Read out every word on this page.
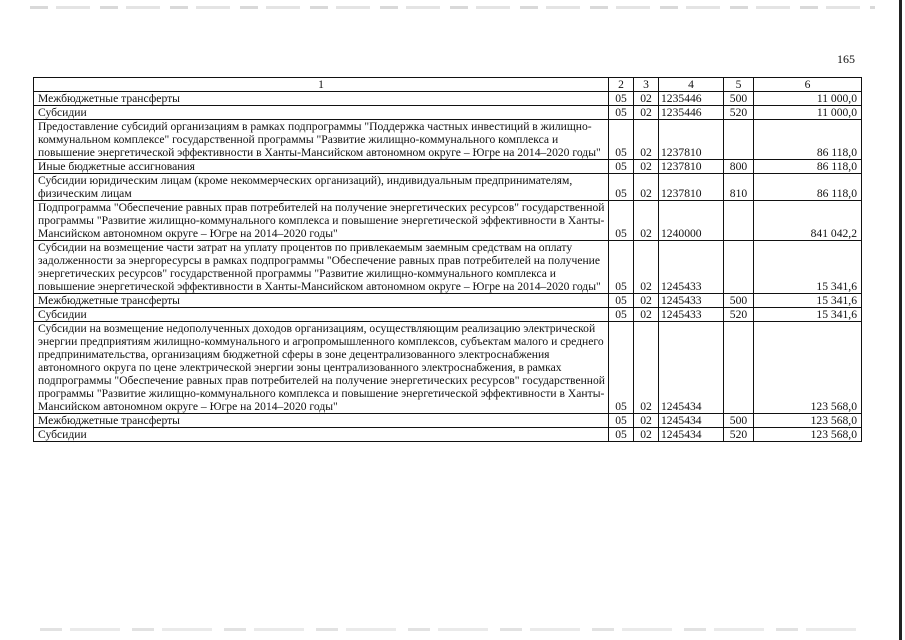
165
1	2	3	4	5	6
Межбюджетные трансферты	05	02	1235446	500	11 000,0
Субсидии	05	02	1235446	520	11 000,0
Предоставление субсидий организациям в рамках подпрограммы "Поддержка частных инвестиций в жилищно-коммунальном комплексе" государственной программы "Развитие жилищно-коммунального комплекса и повышение энергетической эффективности в Ханты-Мансийском автономном округе – Югре на 2014–2020 годы"	05	02	1237810		86 118,0
Иные бюджетные ассигнования	05	02	1237810	800	86 118,0
Субсидии юридическим лицам (кроме некоммерческих организаций), индивидуальным предпринимателям, физическим лицам	05	02	1237810	810	86 118,0
Подпрограмма "Обеспечение равных прав потребителей на получение энергетических ресурсов" государственной программы "Развитие жилищно-коммунального комплекса и повышение энергетической эффективности в Ханты-Мансийском автономном округе – Югре на 2014–2020 годы"	05	02	1240000		841 042,2
Субсидии на возмещение части затрат на уплату процентов по привлекаемым заемным средствам на оплату задолженности за энергоресурсы в рамках подпрограммы "Обеспечение равных прав потребителей на получение энергетических ресурсов" государственной программы "Развитие жилищно-коммунального комплекса и повышение энергетической эффективности в Ханты-Мансийском автономном округе – Югре на 2014–2020 годы"	05	02	1245433		15 341,6
Межбюджетные трансферты	05	02	1245433	500	15 341,6
Субсидии	05	02	1245433	520	15 341,6
Субсидии на возмещение недополученных доходов организациям, осуществляющим реализацию электрической энергии предприятиям жилищно-коммунального и агропромышленного комплексов, субъектам малого и среднего предпринимательства, организациям бюджетной сферы в зоне децентрализованного электроснабжения автономного округа по цене электрической энергии зоны централизованного электроснабжения, в рамках подпрограммы "Обеспечение равных прав потребителей на получение энергетических ресурсов" государственной программы "Развитие жилищно-коммунального комплекса и повышение энергетической эффективности в Ханты-Мансийском автономном округе – Югре на 2014–2020 годы"	05	02	1245434		123 568,0
Межбюджетные трансферты	05	02	1245434	500	123 568,0
Субсидии	05	02	1245434	520	123 568,0
